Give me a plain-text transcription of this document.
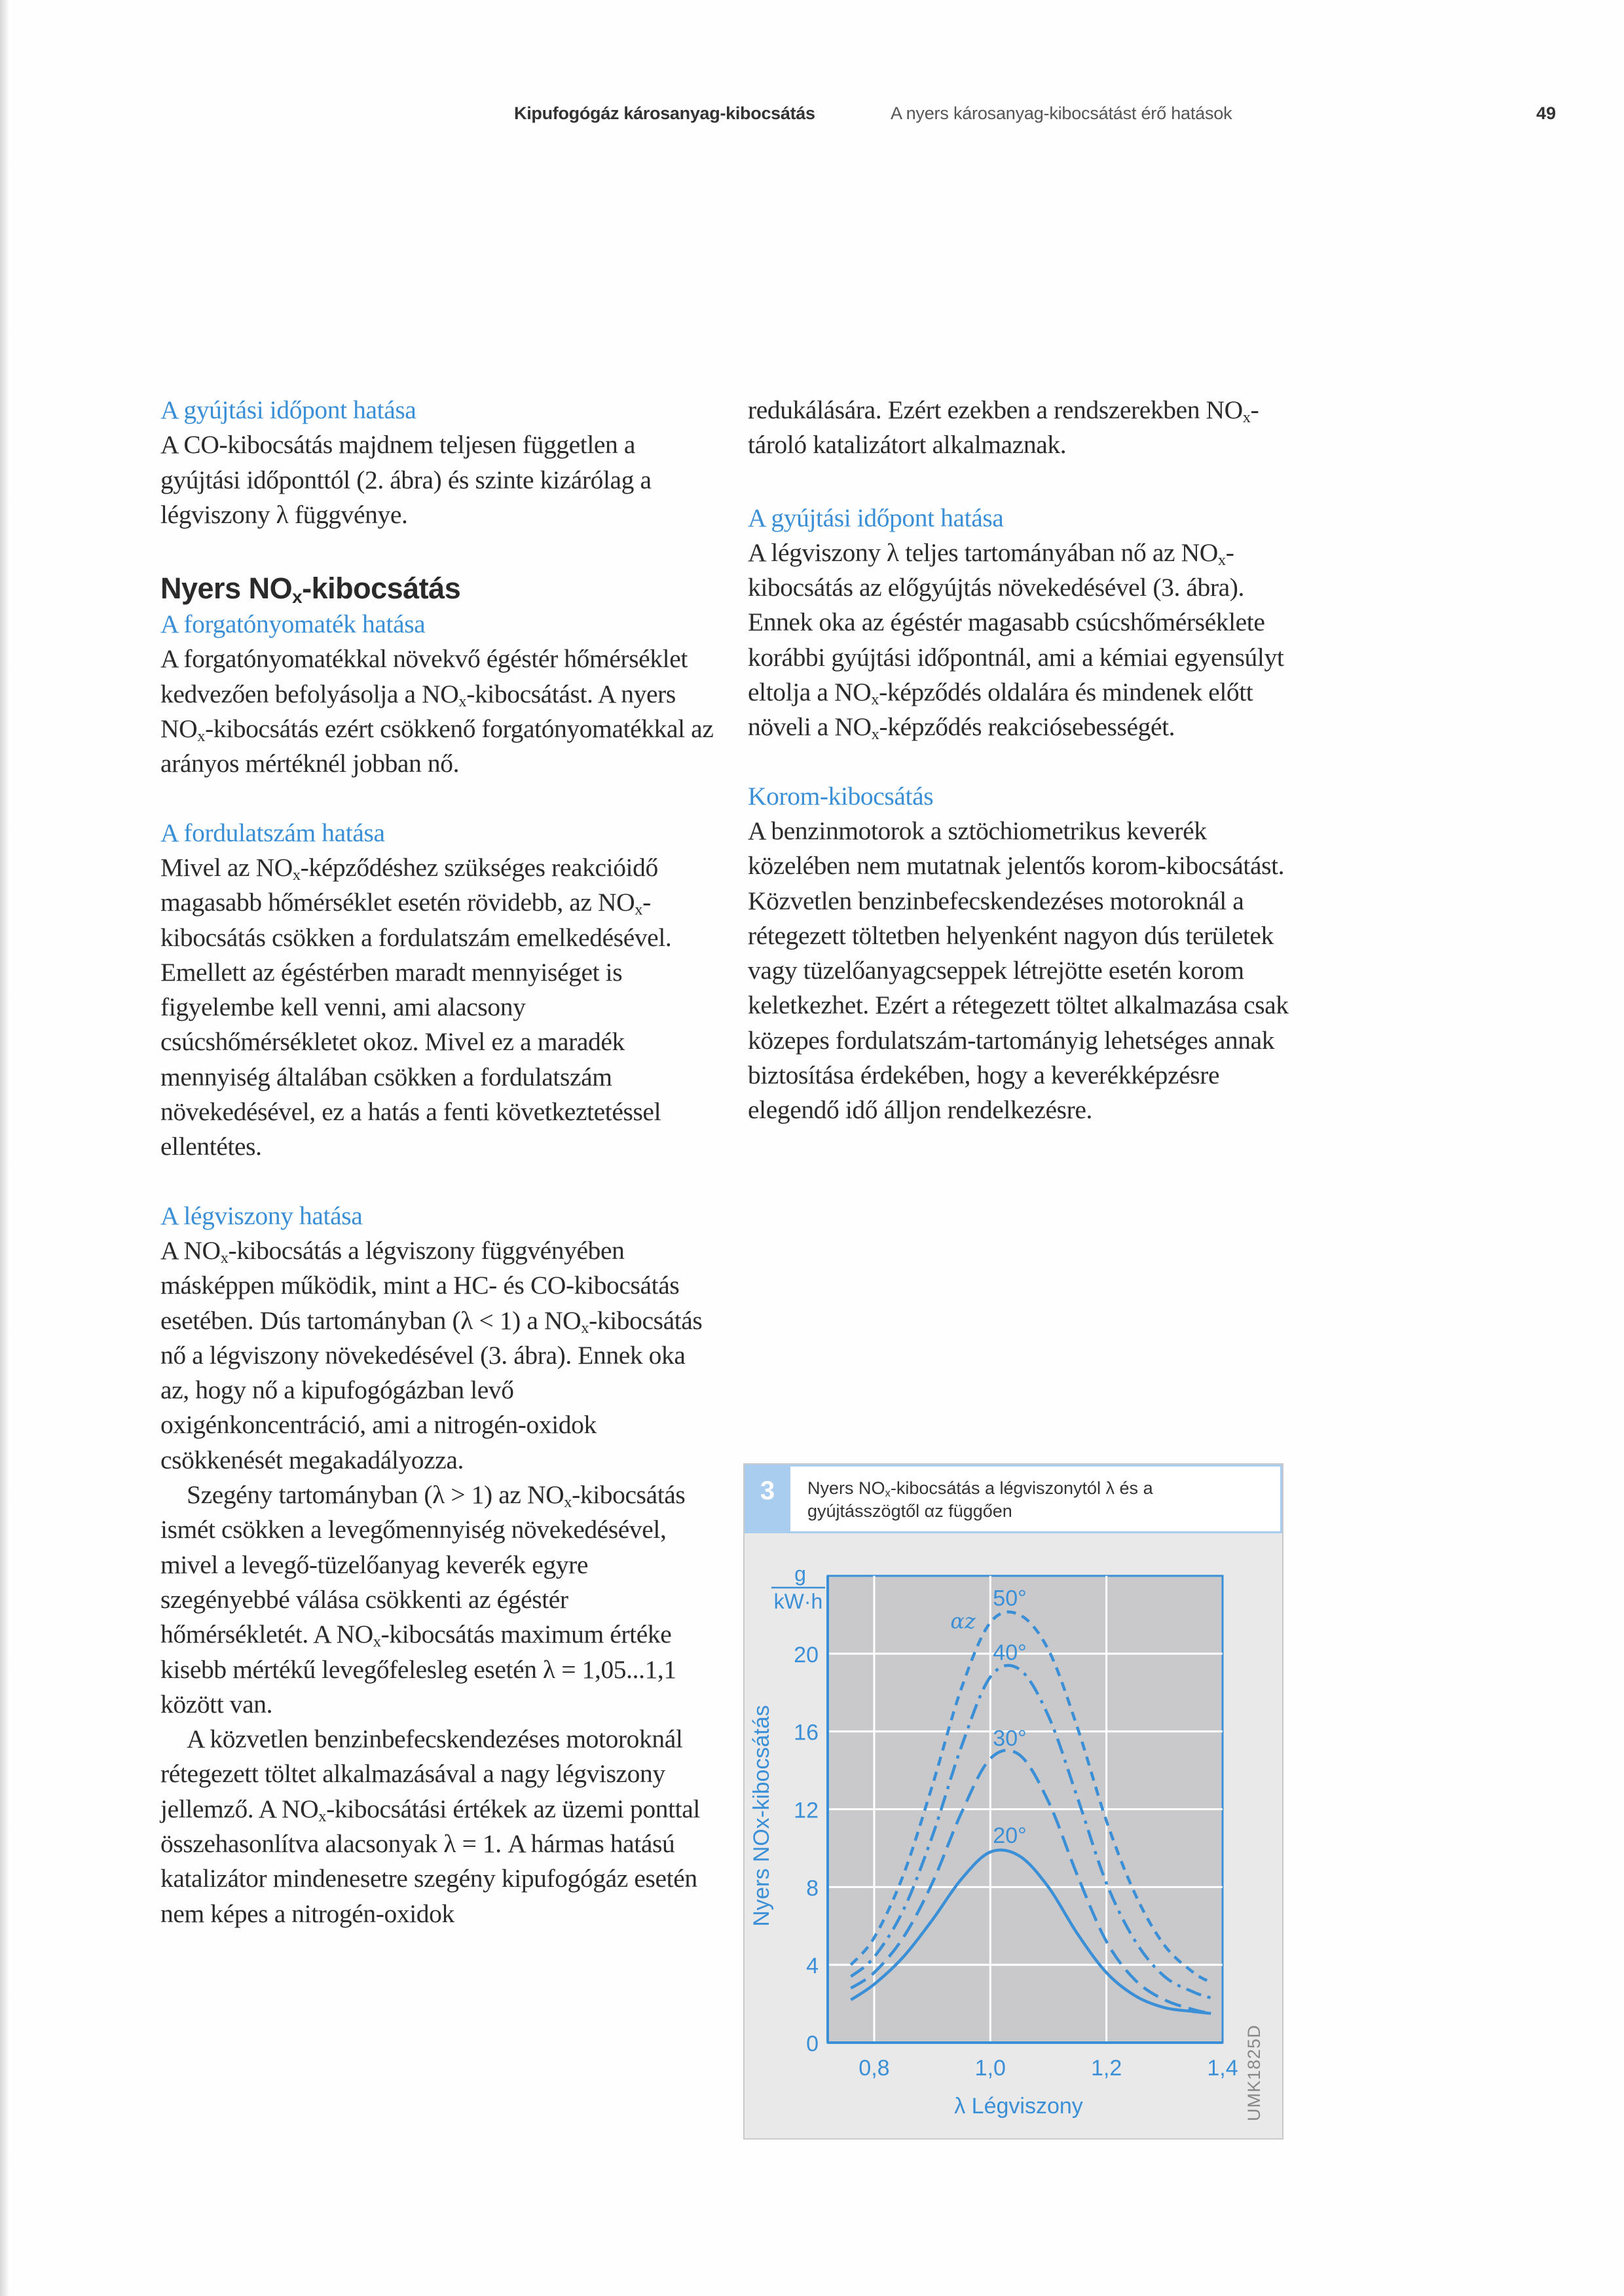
Kipufogógáz károsanyag-kibocsátás	A nyers károsanyag-kibocsátást érő hatások	49

A gyújtási időpont hatása

A CO-kibocsátás majdnem teljesen független a gyújtási időponttól (2. ábra) és szinte kizárólag a légviszony λ függvénye.

Nyers $NO_x$-kibocsátás

A forgatónyomaték hatása

A forgatónyomatékkal növekvő égéstér hőmérséklet kedvezően befolyásolja a $NO_x$-kibocsátást. A nyers $NO_x$-kibocsátás ezért csökkenő forgatónyomatékkal az arányos mértéknél jobban nő.

A fordulatszám hatása

Mivel az $NO_x$-képződéshez szükséges reakcióidő magasabb hőmérséklet esetén rövidebb, az $NO_x$-kibocsátás csökken a fordulatszám emelkedésével. Emellett az égéstérben maradt mennyiséget is figyelembe kell venni, ami alacsony csúcshőmérsékletet okoz. Mivel ez a maradék mennyiség általában csökken a fordulatszám növekedésével, ez a hatás a fenti következtetéssel ellentétes.

A légviszony hatása

A $NO_x$-kibocsátás a légviszony függvényében másképpen működik, mint a HC- és CO-kibocsátás esetében. Dús tartományban (λ < 1) a $NO_x$-kibocsátás nő a légviszony növekedésével (3. ábra). Ennek oka az, hogy nő a kipufogógázban levő oxigénkoncentráció, ami a nitrogén-oxidok csökkenését megakadályozza.

Szegény tartományban (λ > 1) az $NO_x$-kibocsátás ismét csökken a levegőmennyiség növekedésével, mivel a levegő-tüzelőanyag keverék egyre szegényebbé válása csökkenti az égéstér hőmérsékletét. A $NO_x$-kibocsátás maximum értéke kisebb mértékű levegőfelesleg esetén λ = 1,05...1,1 között van.

A közvetlen benzinbefecskendezéses motoroknál rétegezett töltet alkalmazásával a nagy légviszony jellemző. A $NO_x$-kibocsátási értékek az üzemi ponttal összehasonlítva alacsonyak λ = 1. A hármas hatású katalizátor mindenesetre szegény kipufogógáz esetén nem képes a nitrogén-oxidok

redukálására. Ezért ezekben a rendszerekben $NO_x$-tároló katalizátort alkalmaznak.

A gyújtási időpont hatása

A légviszony λ teljes tartományában nő az $NO_x$-kibocsátás az előgyújtás növekedésével (3. ábra). Ennek oka az égéstér magasabb csúcshőmérséklete korábbi gyújtási időpontnál, ami a kémiai egyensúlyt eltolja a $NO_x$-képződés oldalára és mindenek előtt növeli a $NO_x$-képződés reakciósebességét.

Korom-kibocsátás

A benzinmotorok a sztöchiometrikus keverék közelében nem mutatnak jelentős korom-kibocsátást. Közvetlen benzinbefecskendezéses motoroknál a rétegezett töltetben helyenként nagyon dús területek vagy tüzelőanyagcseppek létrejötte esetén korom keletkezhet. Ezért a rétegezett töltet alkalmazása csak közepes fordulatszám-tartományig lehetséges annak biztosítása érdekében, hogy a keverékképzésre elegendő idő álljon rendelkezésre.

3	Nyers $NO_x$-kibocsátás a légviszonytól λ és a
gyújtásszögtől αz függően
0
4
8
12
16
20
0,8	1,0	1,2	1,4
g
kW·h
Nyers NOx-kibocsátás
λ Légviszony
20°
30°
40°
50°
αz
UMK1825D
